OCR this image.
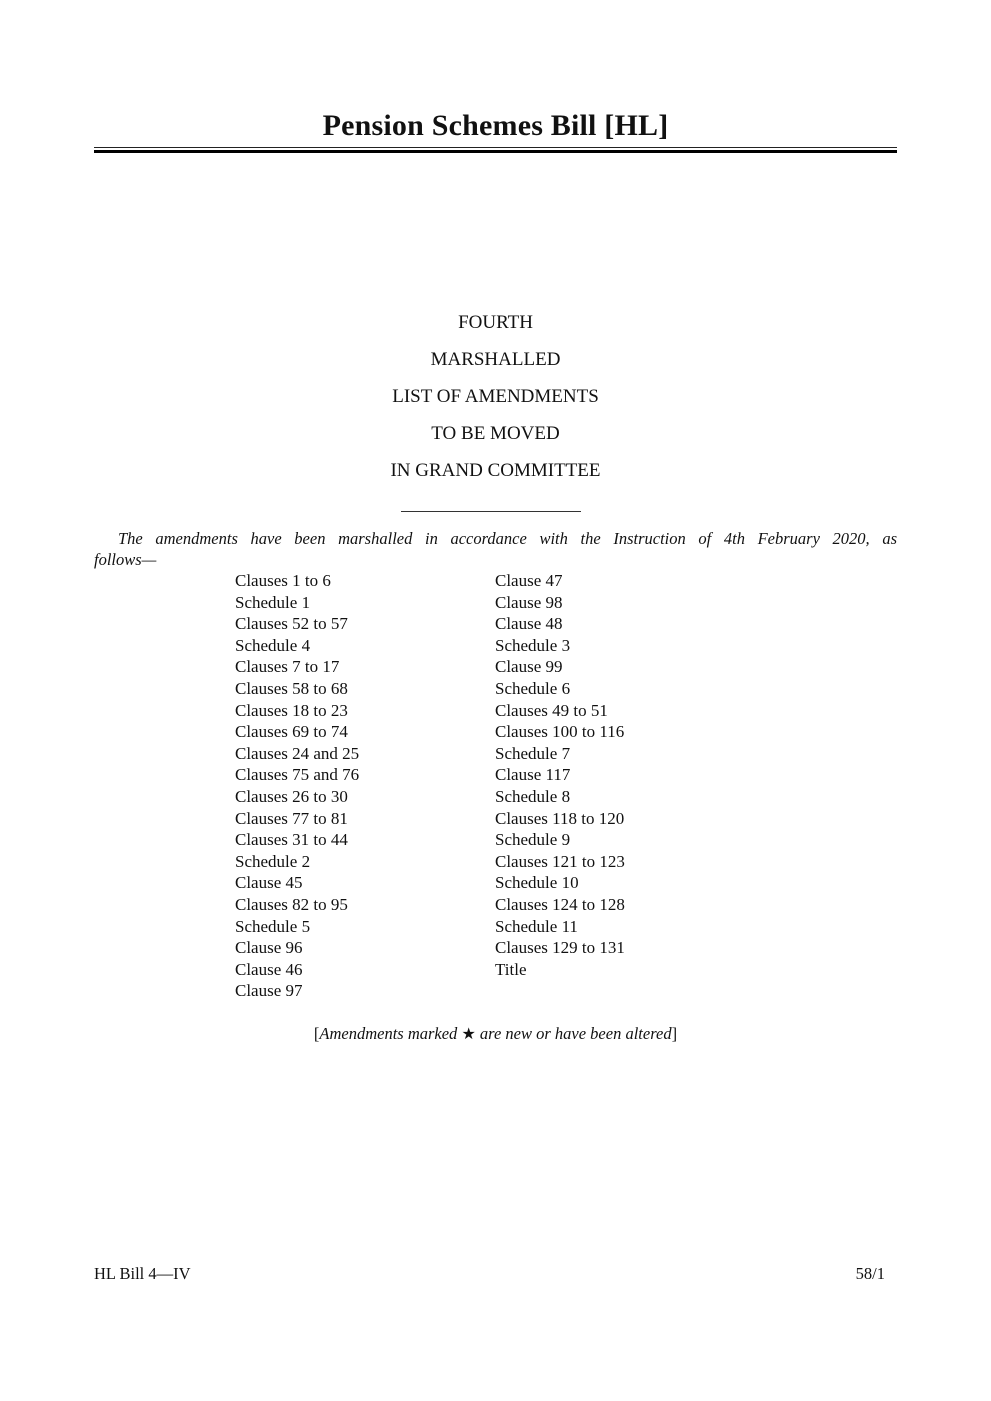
Pension Schemes Bill [HL]
FOURTH
MARSHALLED
LIST OF AMENDMENTS
TO BE MOVED
IN GRAND COMMITTEE
The amendments have been marshalled in accordance with the Instruction of 4th February 2020, as
follows—
Clauses 1 to 6
Schedule 1
Clauses 52 to 57
Schedule 4
Clauses 7 to 17
Clauses 58 to 68
Clauses 18 to 23
Clauses 69 to 74
Clauses 24 and 25
Clauses 75 and 76
Clauses 26 to 30
Clauses 77 to 81
Clauses 31 to 44
Schedule 2
Clause 45
Clauses 82 to 95
Schedule 5
Clause 96
Clause 46
Clause 97
Clause 47
Clause 98
Clause 48
Schedule 3
Clause 99
Schedule 6
Clauses 49 to 51
Clauses 100 to 116
Schedule 7
Clause 117
Schedule 8
Clauses 118 to 120
Schedule 9
Clauses 121 to 123
Schedule 10
Clauses 124 to 128
Schedule 11
Clauses 129 to 131
Title
[Amendments marked ★ are new or have been altered]
HL Bill 4—IV	58/1
